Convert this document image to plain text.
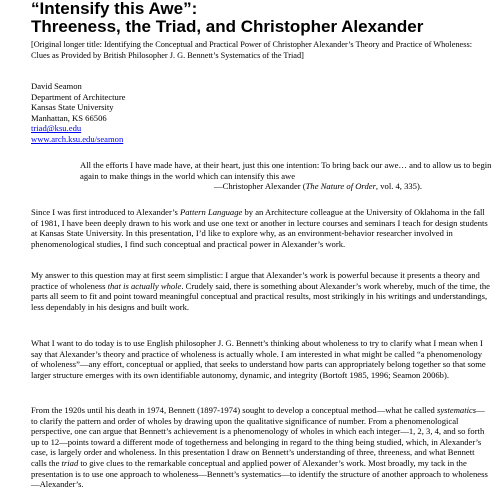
“Intensify this Awe”:
Threeness, the Triad, and Christopher Alexander
[Original longer title: Identifying the Conceptual and Practical Power of Christopher Alexander’s Theory and Practice of Wholeness: Clues as Provided by British Philosopher J. G. Bennett’s Systematics of the Triad]
David Seamon
Department of Architecture
Kansas State University
Manhattan, KS 66506
triad@ksu.edu
www.arch.ksu.edu/seamon
All the efforts I have made have, at their heart, just this one intention: To bring back our awe… and to allow us to begin again to make things in the world which can intensify this awe
—Christopher Alexander (The Nature of Order, vol. 4, 335).
Since I was first introduced to Alexander’s Pattern Language by an Architecture colleague at the University of Oklahoma in the fall of 1981, I have been deeply drawn to his work and use one text or another in lecture courses and seminars I teach for design students at Kansas State University. In this presentation, I’d like to explore why, as an environment-behavior researcher involved in phenomenological studies, I find such conceptual and practical power in Alexander’s work.
My answer to this question may at first seem simplistic: I argue that Alexander’s work is powerful because it presents a theory and practice of wholeness that is actually whole. Crudely said, there is something about Alexander’s work whereby, much of the time, the parts all seem to fit and point toward meaningful conceptual and practical results, most strikingly in his writings and understandings, less dependably in his designs and built work.
What I want to do today is to use English philosopher J. G. Bennett’s thinking about wholeness to try to clarify what I mean when I say that Alexander’s theory and practice of wholeness is actually whole. I am interested in what might be called “a phenomenology of wholeness”—any effort, conceptual or applied, that seeks to understand how parts can appropriately belong together so that some larger structure emerges with its own identifiable autonomy, dynamic, and integrity (Bortoft 1985, 1996; Seamon 2006b).
From the 1920s until his death in 1974, Bennett (1897-1974) sought to develop a conceptual method—what he called systematics—to clarify the pattern and order of wholes by drawing upon the qualitative significance of number. From a phenomenological perspective, one can argue that Bennett’s achievement is a phenomenology of wholes in which each integer—1, 2, 3, 4, and so forth up to 12—points toward a different mode of togetherness and belonging in regard to the thing being studied, which, in Alexander’s case, is largely order and wholeness. In this presentation I draw on Bennett’s understanding of three, threeness, and what Bennett calls the triad to give clues to the remarkable conceptual and applied power of Alexander’s work. Most broadly, my tack in the presentation is to use one approach to wholeness—Bennett’s systematics—to identify the structure of another approach to wholeness—Alexander’s.
